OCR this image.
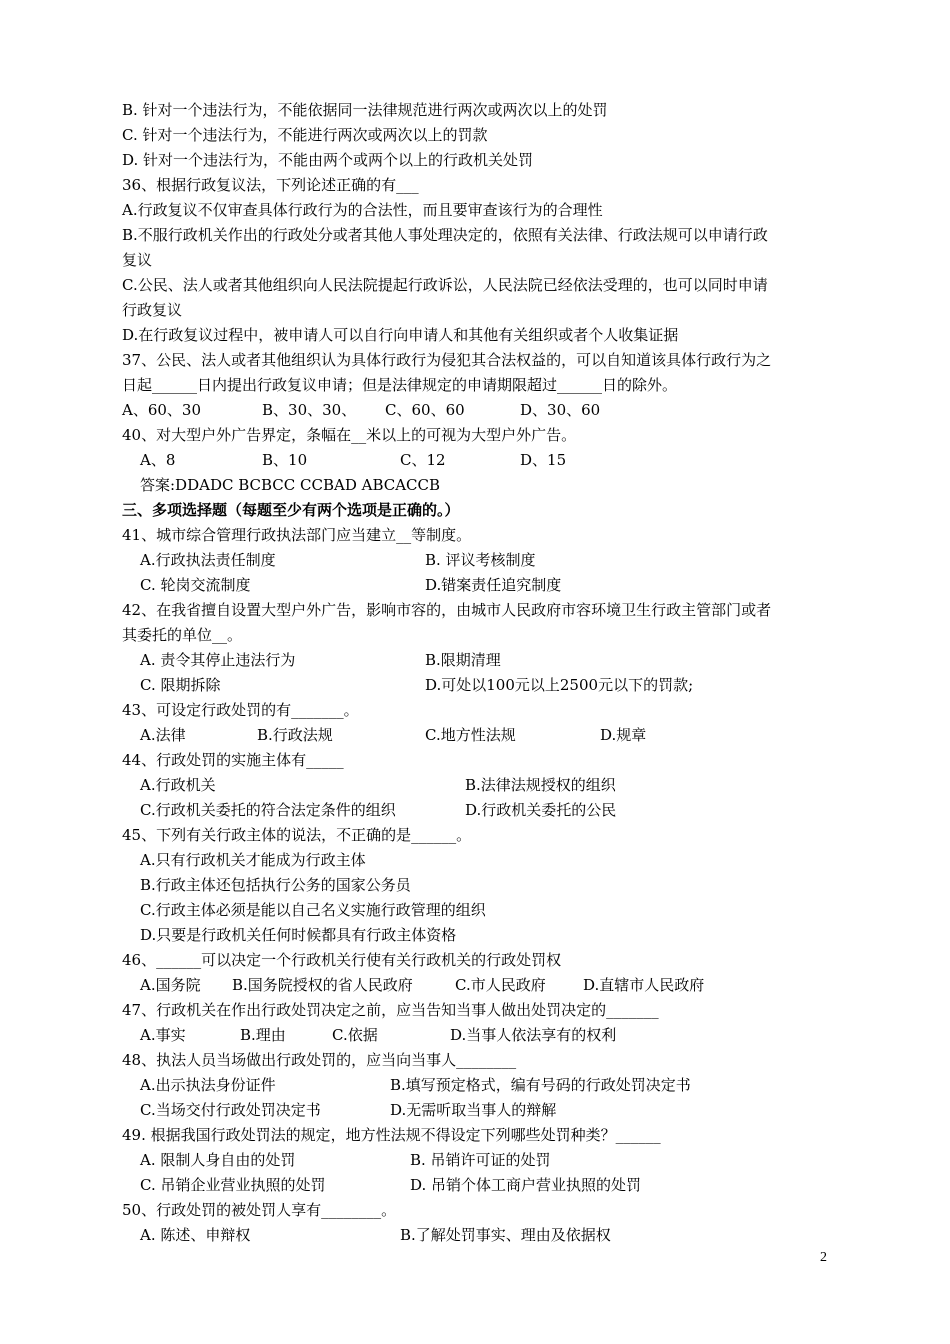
B. 针对一个违法行为，不能依据同一法律规范进行两次或两次以上的处罚
C. 针对一个违法行为，不能进行两次或两次以上的罚款
D. 针对一个违法行为，不能由两个或两个以上的行政机关处罚
36、根据行政复议法，下列论述正确的有___
A.行政复议不仅审查具体行政行为的合法性，而且要审查该行为的合理性
B.不服行政机关作出的行政处分或者其他人事处理决定的，依照有关法律、行政法规可以申请行政
复议
C.公民、法人或者其他组织向人民法院提起行政诉讼，人民法院已经依法受理的，也可以同时申请
行政复议
D.在行政复议过程中，被申请人可以自行向申请人和其他有关组织或者个人收集证据
37、公民、法人或者其他组织认为具体行政行为侵犯其合法权益的，可以自知道该具体行政行为之
日起______日内提出行政复议申请；但是法律规定的申请期限超过______日的除外。
A、60、30	B、30、30、 C、60、60	D、30、60
40、对大型户外广告界定，条幅在__米以上的可视为大型户外广告。
A、8	B、10	C、12	D、15
答案:DDADC BCBCC CCBAD ABCACCB
三、多项选择题（每题至少有两个选项是正确的。）
41、城市综合管理行政执法部门应当建立__等制度。
A.行政执法责任制度	B. 评议考核制度
C. 轮岗交流制度	D.错案责任追究制度
42、在我省擅自设置大型户外广告，影响市容的，由城市人民政府市容环境卫生行政主管部门或者
其委托的单位__。
A. 责令其停止违法行为	B.限期清理
C. 限期拆除	D.可处以100元以上2500元以下的罚款;
43、可设定行政处罚的有_______。
A.法律	B.行政法规	C.地方性法规	D.规章
44、行政处罚的实施主体有_____
A.行政机关	B.法律法规授权的组织
C.行政机关委托的符合法定条件的组织	D.行政机关委托的公民
45、下列有关行政主体的说法，不正确的是______。
A.只有行政机关才能成为行政主体
B.行政主体还包括执行公务的国家公务员
C.行政主体必须是能以自己名义实施行政管理的组织
D.只要是行政机关任何时候都具有行政主体资格
46、______可以决定一个行政机关行使有关行政机关的行政处罚权
A.国务院 B.国务院授权的省人民政府	C.市人民政府 D.直辖市人民政府
47、行政机关在作出行政处罚决定之前，应当告知当事人做出处罚决定的_______
A.事实	B.理由	C.依据	D.当事人依法享有的权利
48、执法人员当场做出行政处罚的，应当向当事人________
A.出示执法身份证件	B.填写预定格式，编有号码的行政处罚决定书
C.当场交付行政处罚决定书	D.无需听取当事人的辩解
49. 根据我国行政处罚法的规定，地方性法规不得设定下列哪些处罚种类？______
A. 限制人身自由的处罚	B. 吊销许可证的处罚
C. 吊销企业营业执照的处罚	D. 吊销个体工商户营业执照的处罚
50、行政处罚的被处罚人享有________。
A. 陈述、申辩权	B.了解处罚事实、理由及依据权
2
